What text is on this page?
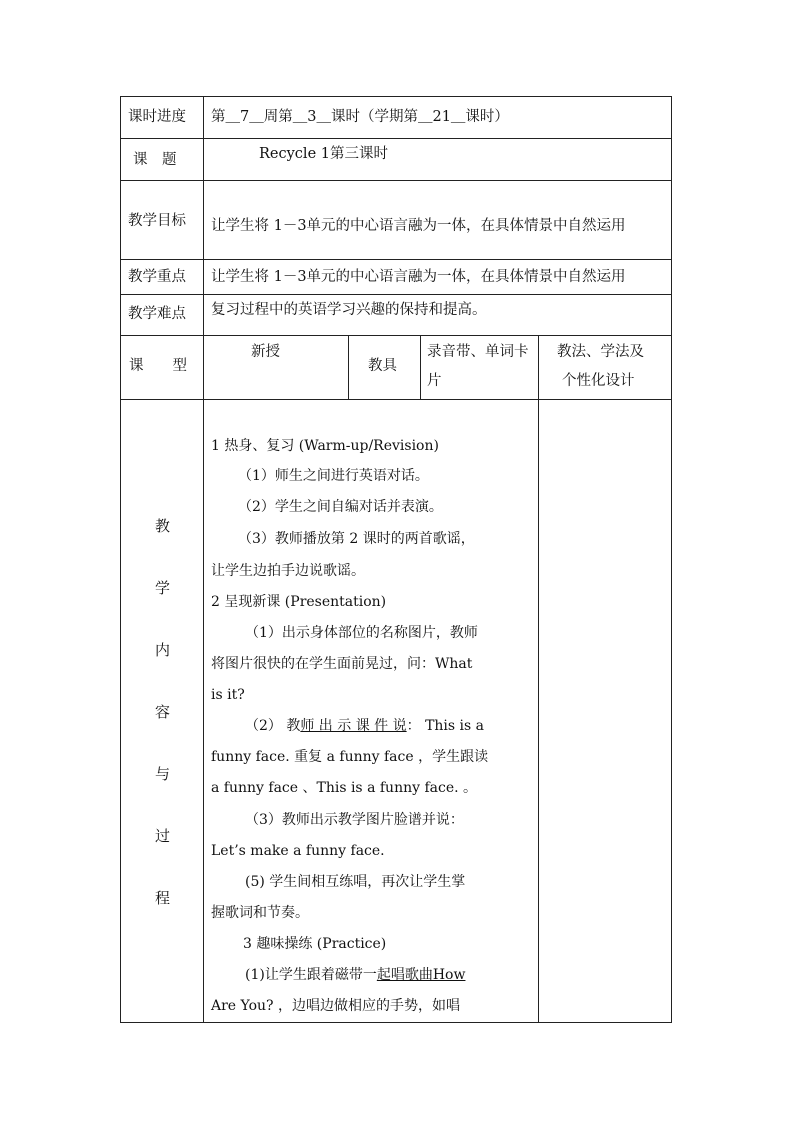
课时进度 第＿7＿周第＿3＿课时（学期第＿21＿课时）
课　题	Recycle 1第三课时
教学目标 让学生将 1－3单元的中心语言融为一体，在具体情景中自然运用
教学重点 让学生将 1－3单元的中心语言融为一体，在具体情景中自然运用
教学难点 复习过程中的英语学习兴趣的保持和提高。
课　　型
新授
教具
录音带、单词卡
片
教法、学法及
个性化设计
教
学
内
容
与
过
程
1 热身、复习 (Warm-up/Revision)
（1）师生之间进行英语对话。
（2）学生之间自编对话并表演。
（3）教师播放第 2 课时的两首歌谣，
让学生边拍手边说歌谣。
2 呈现新课 (Presentation)
（1）出示身体部位的名称图片，教师
将图片很快的在学生面前晃过，问：What
is it?
（2） 教师 出 示 课 件 说： This is a
funny face. 重复 a funny face ，学生跟读
a funny face 、This is a funny face. 。
（3）教师出示教学图片脸谱并说：
Let’s make a funny face.
(5) 学生间相互练唱，再次让学生掌
握歌词和节奏。
3 趣味操练 (Practice)
(1)让学生跟着磁带一起唱歌曲How
Are You? ，边唱边做相应的手势，如唱
